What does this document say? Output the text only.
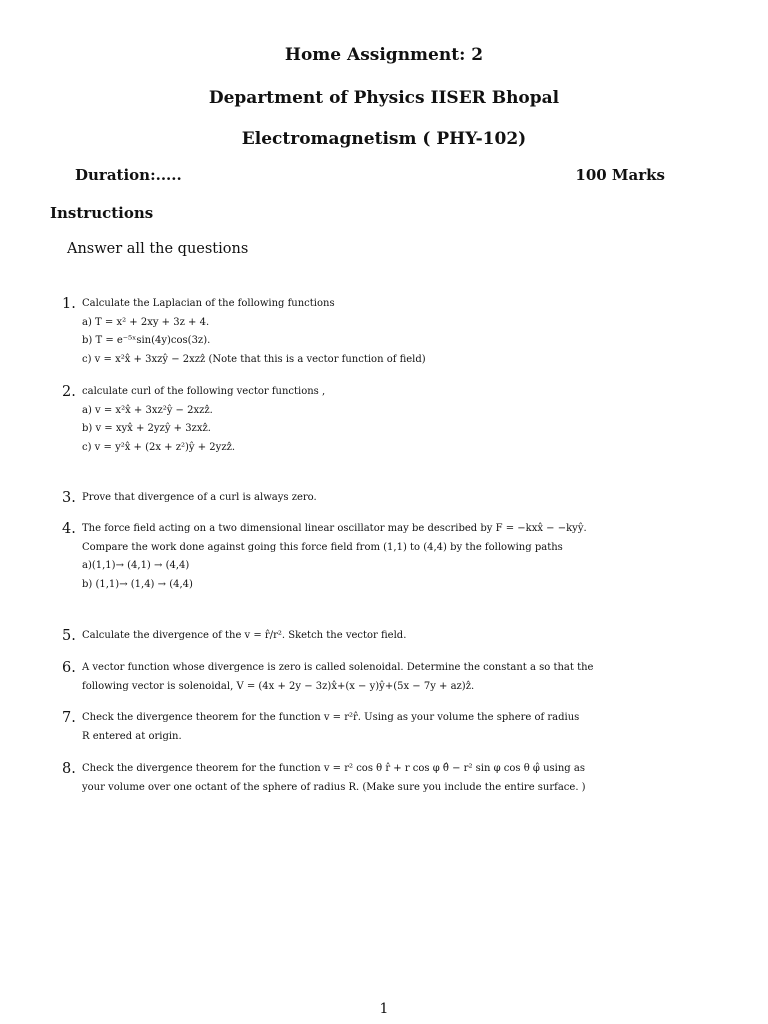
Home Assignment: 2
Department of Physics IISER Bhopal
Electromagnetism ( PHY-102)
Duration:.....	100 Marks
Instructions
Answer all the questions
1. Calculate the Laplacian of the following functions
a) T = x² + 2xy + 3z + 4.
b) T = e⁻⁵ˣsin(4y)cos(3z).
c) v = x²x̂ + 3xzŷ − 2xzẑ (Note that this is a vector function of field)
2. calculate curl of the following vector functions ,
a) v = x²x̂ + 3xz²ŷ − 2xzẑ.
b) v = xyx̂ + 2yzŷ + 3zxẑ.
c) v = y²x̂ + (2x + z²)ŷ + 2yzẑ.
3. Prove that divergence of a curl is always zero.
4. The force field acting on a two dimensional linear oscillator may be described by F = −kxx̂ − −kyŷ.
Compare the work done against going this force field from (1,1) to (4,4) by the following paths
a)(1,1)→ (4,1) → (4,4)
b) (1,1)→ (1,4) → (4,4)
5. Calculate the divergence of the v = r̂/r². Sketch the vector field.
6. A vector function whose divergence is zero is called solenoidal. Determine the constant a so that the
following vector is solenoidal, V = (4x + 2y − 3z)x̂+(x − y)ŷ+(5x − 7y + az)ẑ.
7. Check the divergence theorem for the function v = r²r̂. Using as your volume the sphere of radius
R entered at origin.
8. Check the divergence theorem for the function v = r² cos θ r̂ + r cos φ θ̂ − r² sin φ cos θ φ̂ using as
your volume over one octant of the sphere of radius R. (Make sure you include the entire surface. )
1
